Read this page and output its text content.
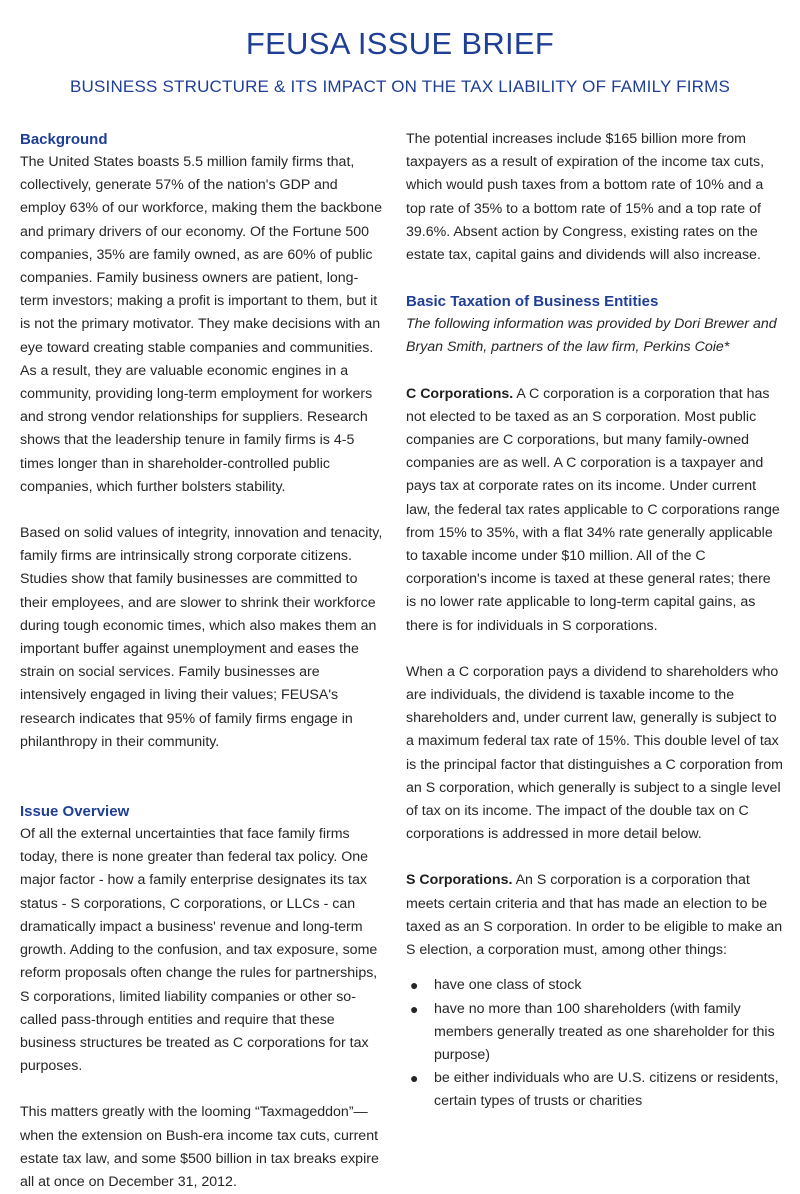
FEUSA ISSUE BRIEF
BUSINESS STRUCTURE & ITS IMPACT ON THE TAX LIABILITY OF FAMILY FIRMS
Background

The United States boasts 5.5 million family firms that, collectively, generate 57% of the nation's GDP and employ 63% of our workforce, making them the backbone and primary drivers of our economy. Of the Fortune 500 companies, 35% are family owned, as are 60% of public companies. Family business owners are patient, long-term investors; making a profit is important to them, but it is not the primary motivator. They make decisions with an eye toward creating stable companies and communities. As a result, they are valuable economic engines in a community, providing long-term employment for workers and strong vendor relationships for suppliers. Research shows that the leadership tenure in family firms is 4-5 times longer than in shareholder-controlled public companies, which further bolsters stability.

Based on solid values of integrity, innovation and tenacity, family firms are intrinsically strong corporate citizens. Studies show that family businesses are committed to their employees, and are slower to shrink their workforce during tough economic times, which also makes them an important buffer against unemployment and eases the strain on social services. Family businesses are intensively engaged in living their values; FEUSA's research indicates that 95% of family firms engage in philanthropy in their community.

Issue Overview

Of all the external uncertainties that face family firms today, there is none greater than federal tax policy. One major factor - how a family enterprise designates its tax status - S corporations, C corporations, or LLCs - can dramatically impact a business' revenue and long-term growth. Adding to the confusion, and tax exposure, some reform proposals often change the rules for partnerships, S corporations, limited liability companies or other so-called pass-through entities and require that these business structures be treated as C corporations for tax purposes.

This matters greatly with the looming “Taxmageddon”— when the extension on Bush-era income tax cuts, current estate tax law, and some $500 billion in tax breaks expire all at once on December 31, 2012.

The potential increases include $165 billion more from taxpayers as a result of expiration of the income tax cuts, which would push taxes from a bottom rate of 10% and a top rate of 35% to a bottom rate of 15% and a top rate of 39.6%. Absent action by Congress, existing rates on the estate tax, capital gains and dividends will also increase.

Basic Taxation of Business Entities

The following information was provided by Dori Brewer and Bryan Smith, partners of the law firm, Perkins Coie*

C Corporations. A C corporation is a corporation that has not elected to be taxed as an S corporation. Most public companies are C corporations, but many family-owned companies are as well. A C corporation is a taxpayer and pays tax at corporate rates on its income. Under current law, the federal tax rates applicable to C corporations range from 15% to 35%, with a flat 34% rate generally applicable to taxable income under $10 million. All of the C corporation's income is taxed at these general rates; there is no lower rate applicable to long-term capital gains, as there is for individuals in S corporations.

When a C corporation pays a dividend to shareholders who are individuals, the dividend is taxable income to the shareholders and, under current law, generally is subject to a maximum federal tax rate of 15%. This double level of tax is the principal factor that distinguishes a C corporation from an S corporation, which generally is subject to a single level of tax on its income. The impact of the double tax on C corporations is addressed in more detail below.

S Corporations. An S corporation is a corporation that meets certain criteria and that has made an election to be taxed as an S corporation. In order to be eligible to make an S election, a corporation must, among other things:

● have one class of stock
● have no more than 100 shareholders (with family members generally treated as one shareholder for this purpose)
● be either individuals who are U.S. citizens or residents, certain types of trusts or charities
